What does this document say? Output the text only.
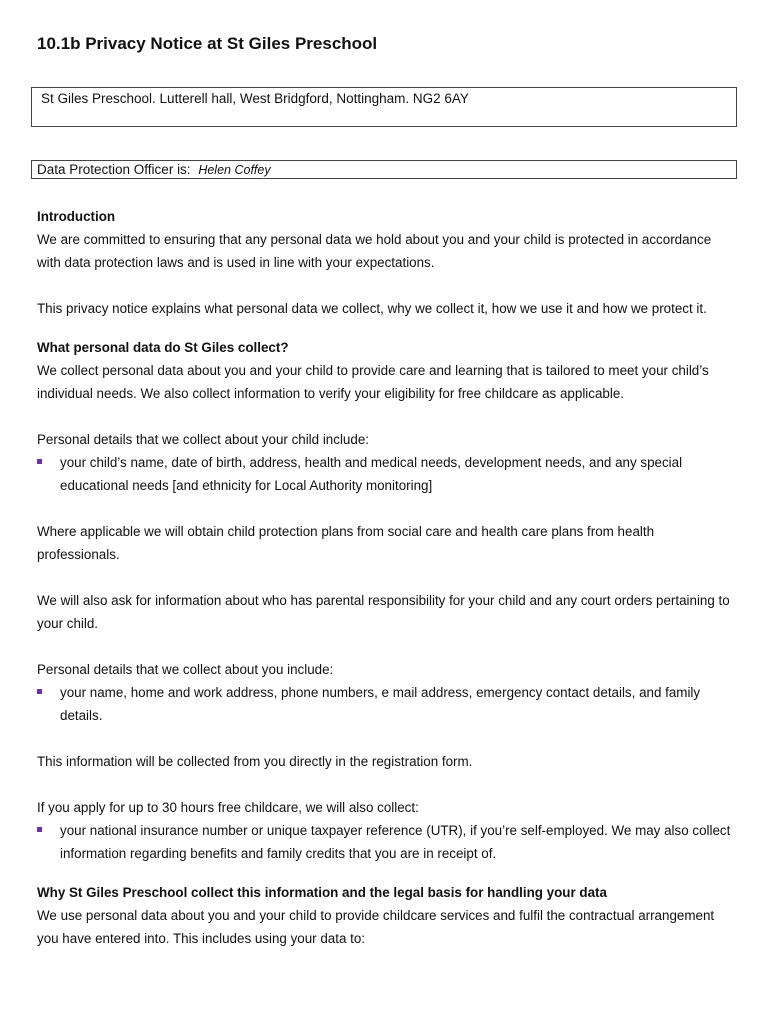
10.1b Privacy Notice at St Giles Preschool
St Giles Preschool. Lutterell hall, West Bridgford, Nottingham. NG2 6AY
Data Protection Officer is: Helen Coffey

Introduction

We are committed to ensuring that any personal data we hold about you and your child is protected in accordance with data protection laws and is used in line with your expectations.

This privacy notice explains what personal data we collect, why we collect it, how we use it and how we protect it.

What personal data do St Giles collect?

We collect personal data about you and your child to provide care and learning that is tailored to meet your child’s individual needs. We also collect information to verify your eligibility for free childcare as applicable.

Personal details that we collect about your child include:

your child’s name, date of birth, address, health and medical needs, development needs, and any special educational needs [and ethnicity for Local Authority monitoring]

Where applicable we will obtain child protection plans from social care and health care plans from health professionals.

We will also ask for information about who has parental responsibility for your child and any court orders pertaining to your child.

Personal details that we collect about you include:

your name, home and work address, phone numbers, e mail address, emergency contact details, and family details.

This information will be collected from you directly in the registration form.

If you apply for up to 30 hours free childcare, we will also collect:

your national insurance number or unique taxpayer reference (UTR), if you’re self-employed. We may also collect information regarding benefits and family credits that you are in receipt of.

Why St Giles Preschool collect this information and the legal basis for handling your data

We use personal data about you and your child to provide childcare services and fulfil the contractual arrangement you have entered into. This includes using your data to:
